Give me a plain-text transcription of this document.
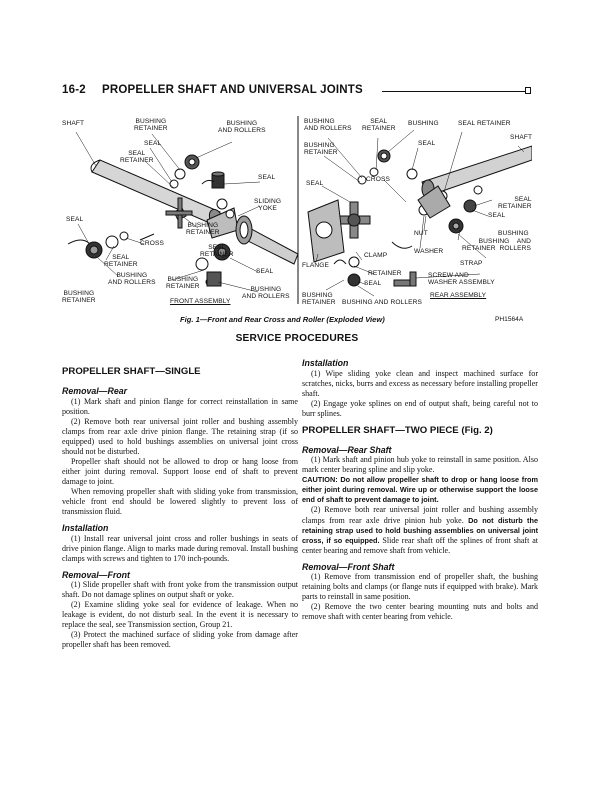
16-2 PROPELLER SHAFT AND UNIVERSAL JOINTS
SHAFT	BUSHING
RETAINER
BUSHING
AND ROLLERS
SEAL
SEAL
RETAINER
SEAL
SLIDING
YOKE
SEAL
BUSHING
RETAINER
CROSS
SEAL
RETAINER
SEAL
RETAINER
SEAL
BUSHING
AND ROLLERS BUSHING
RETAINER
BUSHING
RETAINER
BUSHING
AND ROLLERS
FRONT ASSEMBLY
BUSHING
AND ROLLERS
SEAL
RETAINER
BUSHING	SEAL RETAINER
SHAFT
BUSHING
RETAINER
SEAL
SEAL
CROSS
SEAL
RETAINER
SEAL
NUT	BUSHING
BUSHING    AND
RETAINER  ROLLERS
WASHER
CLAMP
STRAP
FLANGE
RETAINER
SEAL
SCREW AND
WASHER ASSEMBLY
BUSHING
RETAINER BUSHING AND ROLLERS
REAR ASSEMBLY
Fig. 1—Front and Rear Cross and Roller (Exploded View)	PH1564A
SERVICE PROCEDURES
PROPELLER SHAFT—SINGLE
Removal—Rear

(1) Mark shaft and pinion flange for correct reinstallation in same position.

(2) Remove both rear universal joint roller and bushing assembly clamps from rear axle drive pinion flange. The retaining strap (if so equipped) used to hold bushings assemblies on universal joint cross should not be disturbed.

Propeller shaft should not be allowed to drop or hang loose from either joint during removal. Support loose end of shaft to prevent damage to joint.

When removing propeller shaft with sliding yoke from transmission, vehicle front end should be lowered slightly to prevent loss of transmission fluid.

Installation

(1) Install rear universal joint cross and roller bushings in seats of drive pinion flange. Align to marks made during removal. Install bushing clamps with screws and tighten to 170 inch-pounds.

Removal—Front

(1) Slide propeller shaft with front yoke from the transmission output shaft. Do not damage splines on output shaft or yoke.

(2) Examine sliding yoke seal for evidence of leakage. When no leakage is evident, do not disturb seal. In the event it is necessary to replace the seal, see Transmission section, Group 21.

(3) Protect the machined surface of sliding yoke from damage after propeller shaft has been removed.

Installation

(1) Wipe sliding yoke clean and inspect machined surface for scratches, nicks, burrs and excess as necessary before installing propeller shaft.

(2) Engage yoke splines on end of output shaft, being careful not to burr splines.

PROPELLER SHAFT—TWO PIECE (Fig. 2)
Removal—Rear Shaft

(1) Mark shaft and pinion hub yoke to reinstall in same position. Also mark center bearing spline and slip yoke.

CAUTION: Do not allow propeller shaft to drop or hang loose from either joint during removal. Wire up or otherwise support the loose end of shaft to prevent damage to joint.

(2) Remove both rear universal joint roller and bushing assembly clamps from rear axle drive pinion hub yoke. Do not disturb the retaining strap used to hold bushing assemblies on universal joint cross, if so equipped. Slide rear shaft off the splines of front shaft at center bearing and remove shaft from vehicle.

Removal—Front Shaft

(1) Remove from transmission end of propeller shaft, the bushing retaining bolts and clamps (or flange nuts if equipped with brake). Mark parts to reinstall in same position.

(2) Remove the two center bearing mounting nuts and bolts and remove shaft with center bearing from vehicle.
